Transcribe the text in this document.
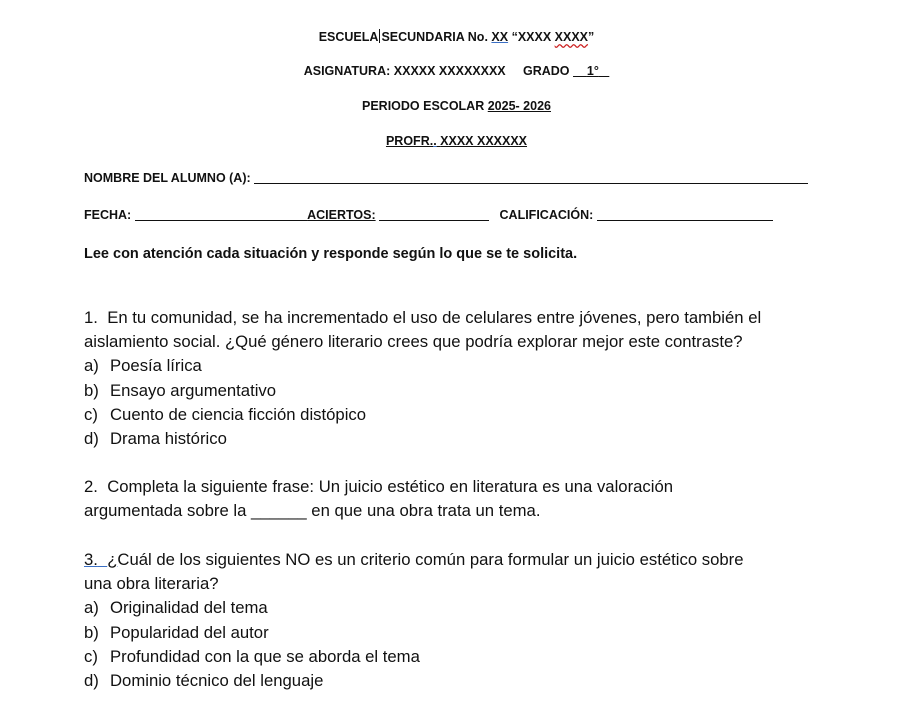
ESCUELA SECUNDARIA No. XX “XXXX XXXX”
ASIGNATURA: XXXXX XXXXXXXX GRADO 1°
PERIODO ESCOLAR 2025- 2026
PROFR.. XXXX XXXXXX
NOMBRE DEL ALUMNO (A):
FECHA:	ACIERTOS:	CALIFICACIÓN:
Lee con atención cada situación y responde según lo que se te solicita.
1. En tu comunidad, se ha incrementado el uso de celulares entre jóvenes, pero también el
aislamiento social. ¿Qué género literario crees que podría explorar mejor este contraste?
a) Poesía lírica
b) Ensayo argumentativo
c) Cuento de ciencia ficción distópico
d) Drama histórico
2. Completa la siguiente frase: Un juicio estético en literatura es una valoración
argumentada sobre la ______ en que una obra trata un tema.
3. ¿Cuál de los siguientes NO es un criterio común para formular un juicio estético sobre
una obra literaria?
a) Originalidad del tema
b) Popularidad del autor
c) Profundidad con la que se aborda el tema
d) Dominio técnico del lenguaje
